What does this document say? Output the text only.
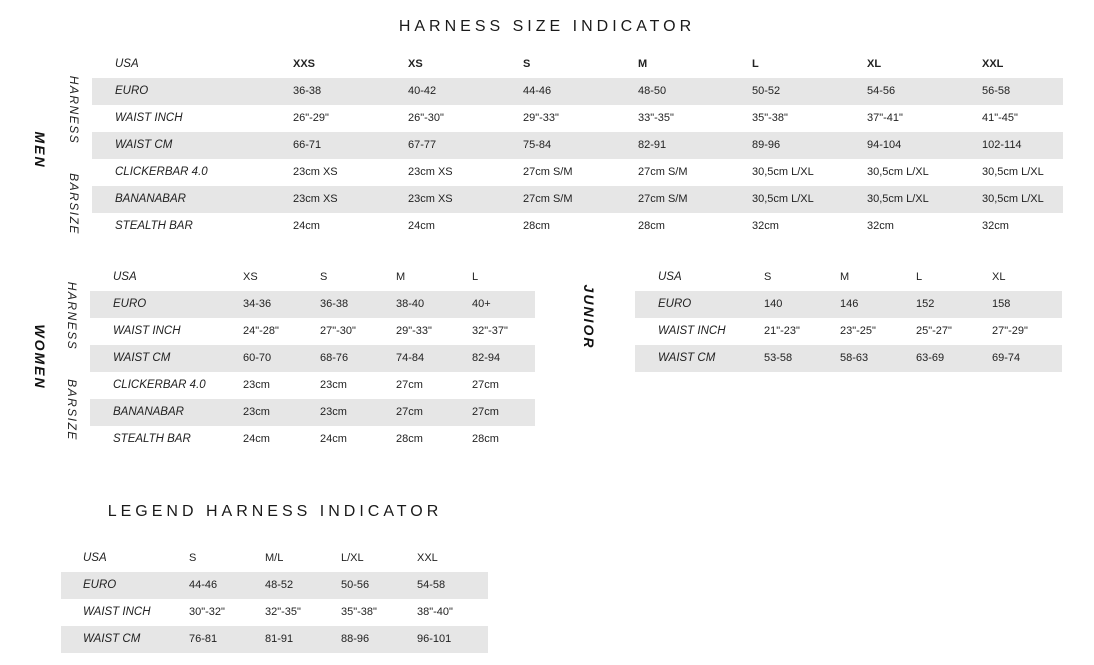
HARNESS SIZE INDICATOR
LEGEND HARNESS INDICATOR
MEN
HARNESS
BARSIZE
WOMEN
HARNESS
BARSIZE
JUNIOR
USA	XXS	XS	S	M	L	XL	XXL
EURO	36-38	40-42	44-46	48-50	50-52	54-56	56-58
WAIST INCH	26"-29"	26"-30"	29"-33"	33"-35"	35"-38"	37"-41"	41"-45"
WAIST CM	66-71	67-77	75-84	82-91	89-96	94-104	102-114
CLICKERBAR 4.0	23cm XS	23cm XS	27cm S/M	27cm S/M	30,5cm L/XL	30,5cm L/XL	30,5cm L/XL
BANANABAR	23cm XS	23cm XS	27cm S/M	27cm S/M	30,5cm L/XL	30,5cm L/XL	30,5cm L/XL
STEALTH BAR	24cm	24cm	28cm	28cm	32cm	32cm	32cm
USA	XS	S	M	L
EURO	34-36	36-38	38-40	40+
WAIST INCH	24"-28"	27"-30"	29"-33"	32"-37"
WAIST CM	60-70	68-76	74-84	82-94
CLICKERBAR 4.0	23cm	23cm	27cm	27cm
BANANABAR	23cm	23cm	27cm	27cm
STEALTH BAR	24cm	24cm	28cm	28cm
USA	S	M	L	XL
EURO	140	146	152	158
WAIST INCH	21"-23"	23"-25"	25"-27"	27"-29"
WAIST CM	53-58	58-63	63-69	69-74
USA	S	M/L	L/XL	XXL
EURO	44-46	48-52	50-56	54-58
WAIST INCH	30"-32"	32"-35"	35"-38"	38"-40"
WAIST CM	76-81	81-91	88-96	96-101
